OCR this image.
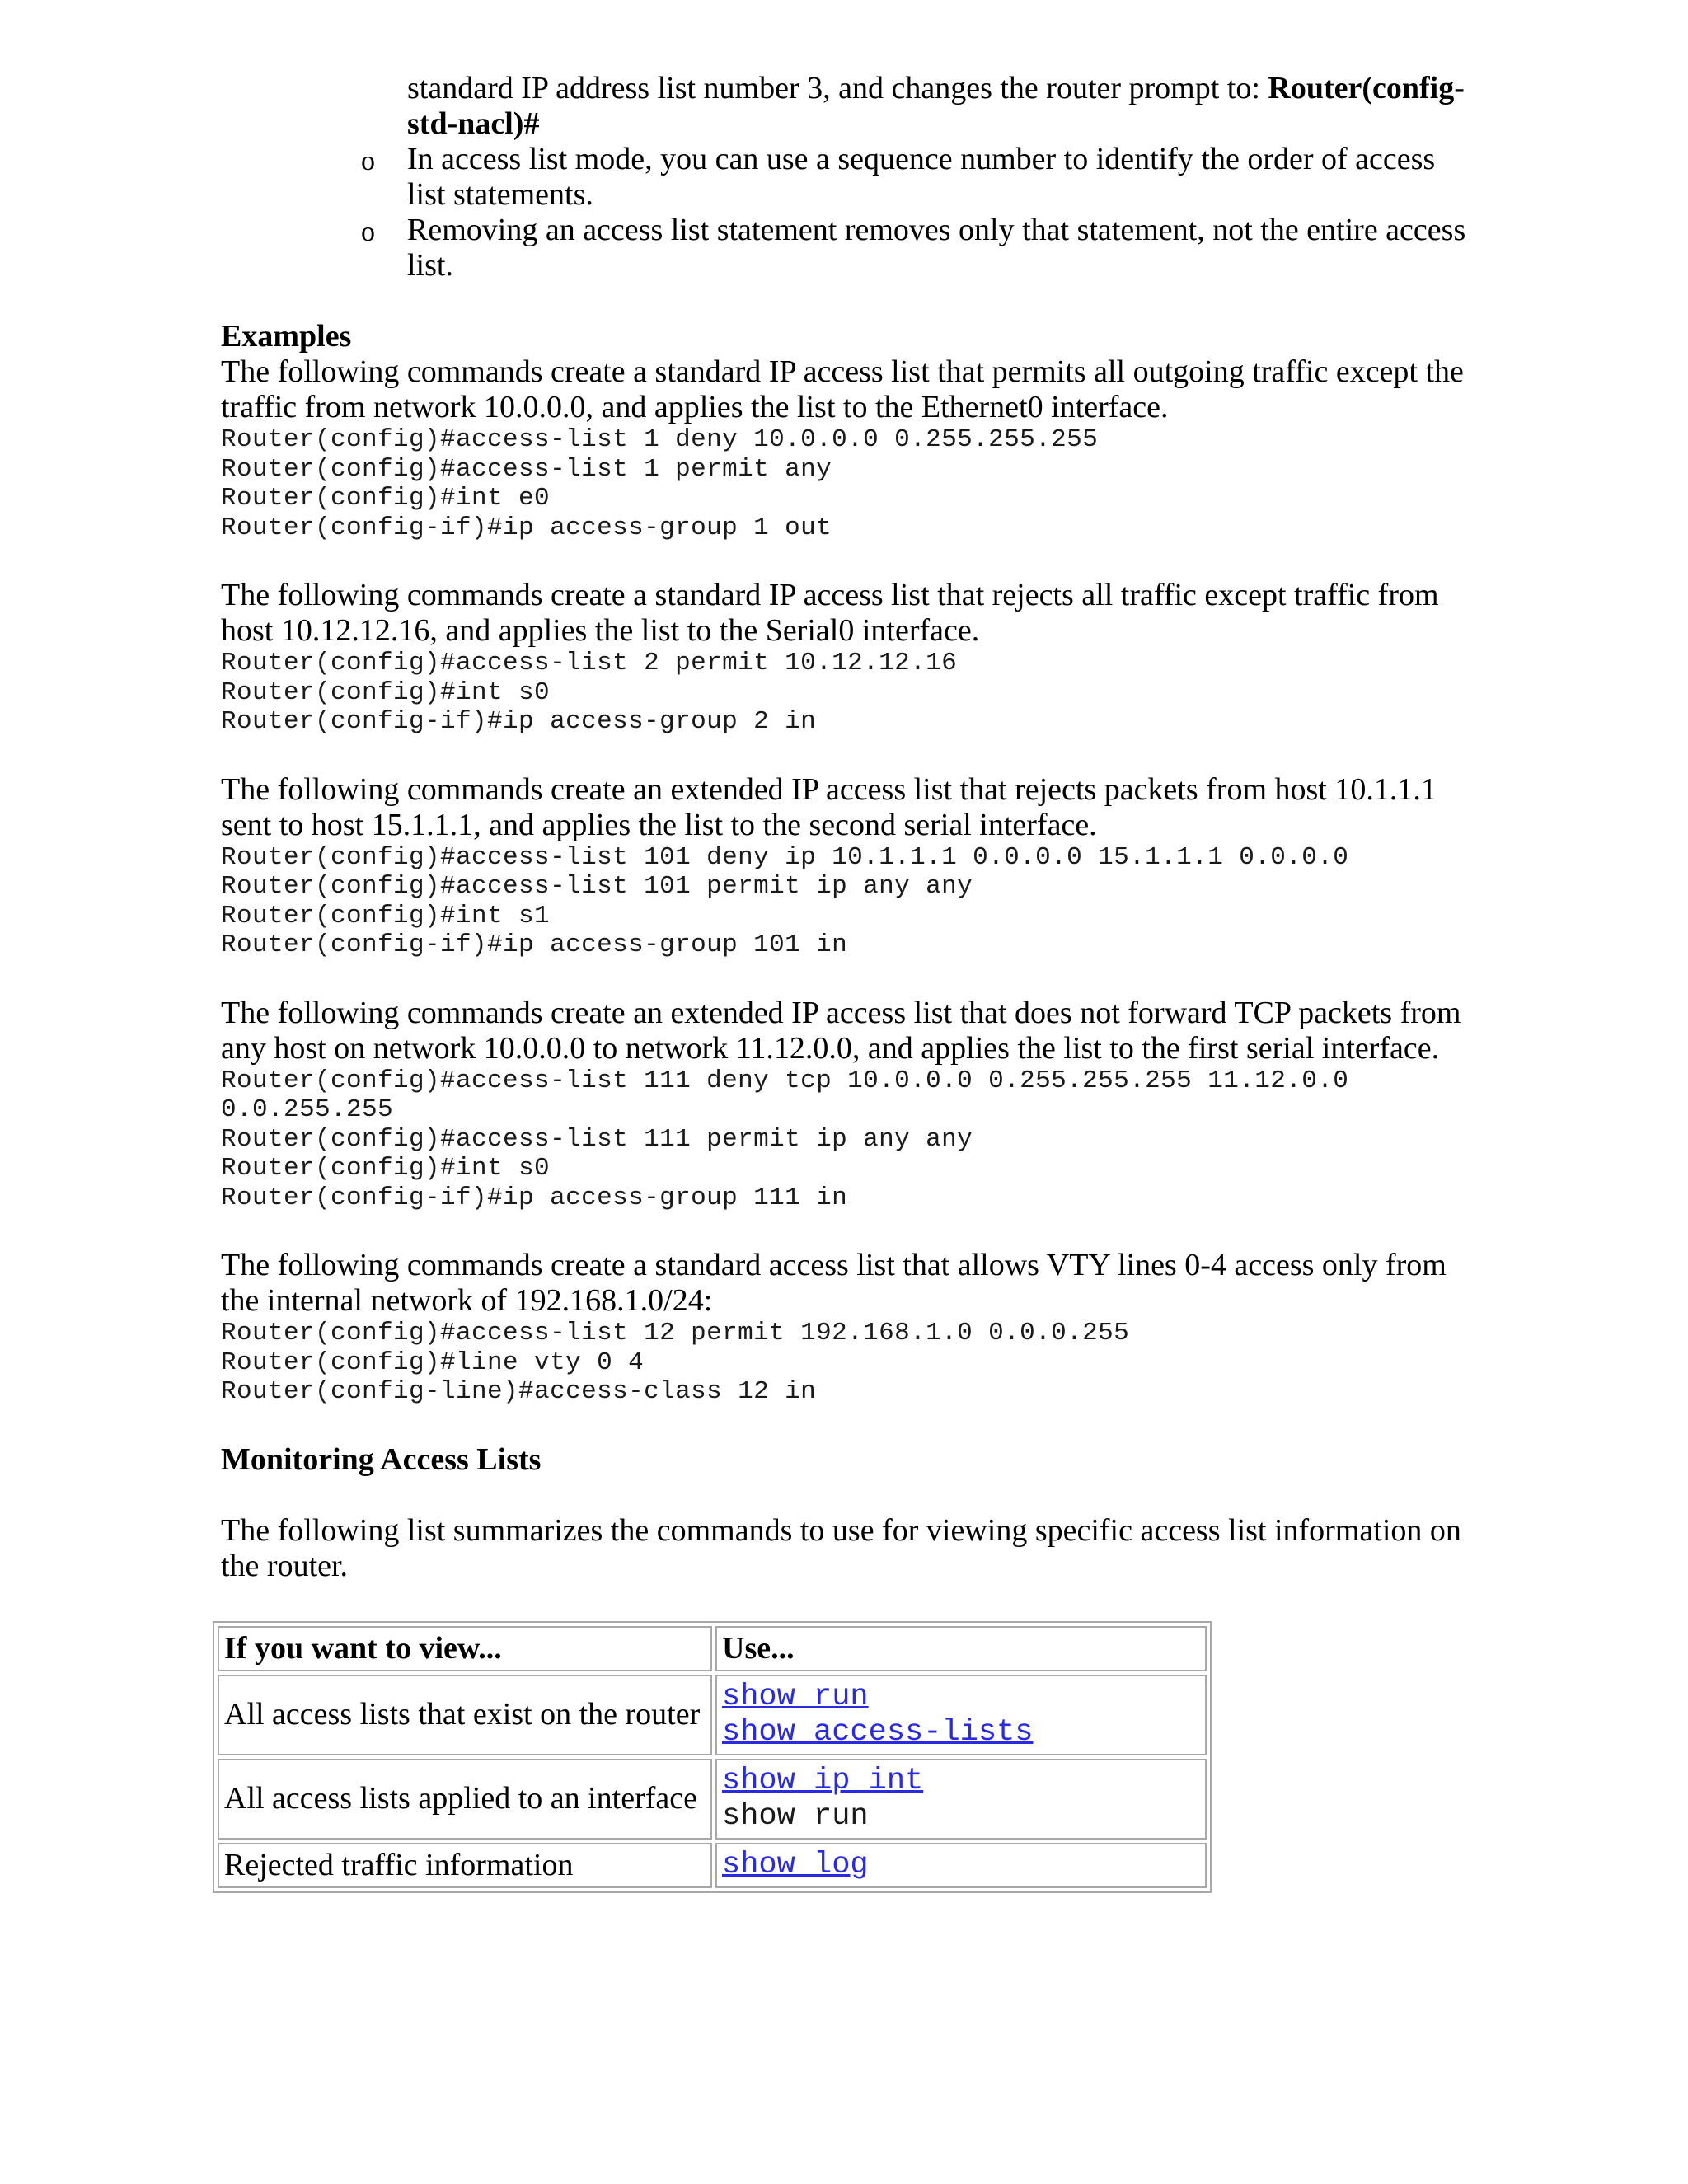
standard IP address list number 3, and changes the router prompt to: Router(config-std-nacl)#
o In access list mode, you can use a sequence number to identify the order of access list statements.
o Removing an access list statement removes only that statement, not the entire access list.

Examples

The following commands create a standard IP access list that permits all outgoing traffic except the traffic from network 10.0.0.0, and applies the list to the Ethernet0 interface.

Router(config)#access-list 1 deny 10.0.0.0 0.255.255.255
Router(config)#access-list 1 permit any
Router(config)#int e0
Router(config-if)#ip access-group 1 out

The following commands create a standard IP access list that rejects all traffic except traffic from host 10.12.12.16, and applies the list to the Serial0 interface.

Router(config)#access-list 2 permit 10.12.12.16
Router(config)#int s0
Router(config-if)#ip access-group 2 in

The following commands create an extended IP access list that rejects packets from host 10.1.1.1 sent to host 15.1.1.1, and applies the list to the second serial interface.

Router(config)#access-list 101 deny ip 10.1.1.1 0.0.0.0 15.1.1.1 0.0.0.0
Router(config)#access-list 101 permit ip any any
Router(config)#int s1
Router(config-if)#ip access-group 101 in

The following commands create an extended IP access list that does not forward TCP packets from any host on network 10.0.0.0 to network 11.12.0.0, and applies the list to the first serial interface.

Router(config)#access-list 111 deny tcp 10.0.0.0 0.255.255.255 11.12.0.0
0.0.255.255
Router(config)#access-list 111 permit ip any any
Router(config)#int s0
Router(config-if)#ip access-group 111 in

The following commands create a standard access list that allows VTY lines 0-4 access only from the internal network of 192.168.1.0/24:

Router(config)#access-list 12 permit 192.168.1.0 0.0.0.255
Router(config)#line vty 0 4
Router(config-line)#access-class 12 in

Monitoring Access Lists

The following list summarizes the commands to use for viewing specific access list information on the router.

If you want to view...	Use...
All access lists that exist on the router	show run
show access-lists

All access lists applied to an interface	show ip int
show run

Rejected traffic information	show log
